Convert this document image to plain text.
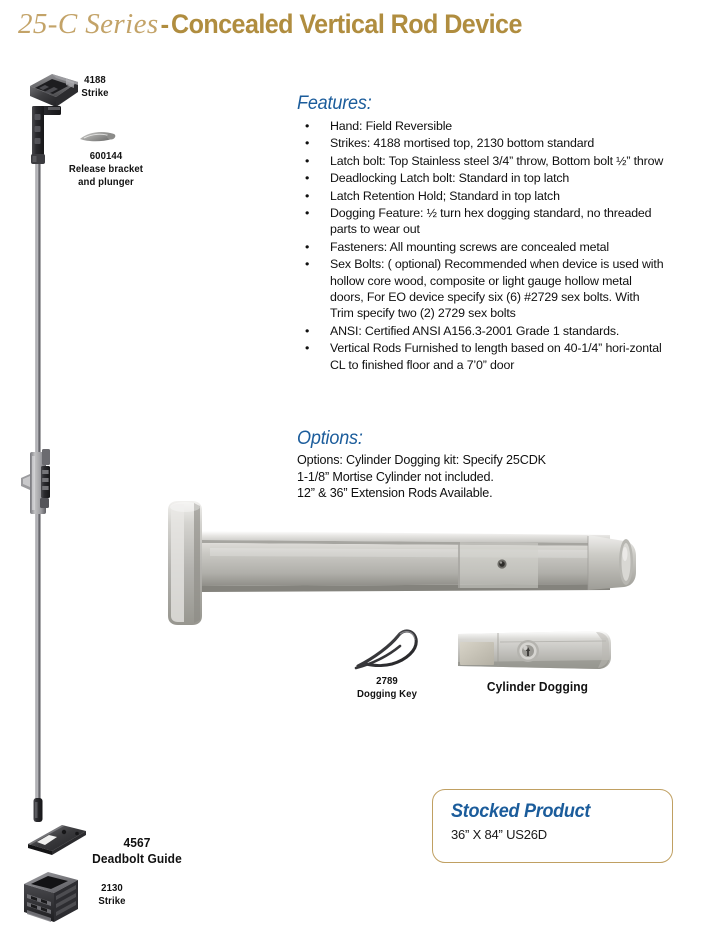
25-C Series-Concealed Vertical Rod Device
4188
Strike
600144
Release bracket
and plunger
4567
Deadbolt Guide
2130
Strike
Features:
• Hand: Field Reversible
• Strikes: 4188 mortised top, 2130 bottom standard
• Latch bolt: Top Stainless steel 3/4” throw, Bottom bolt ½” throw
• Deadlocking Latch bolt: Standard in top latch
• Latch Retention Hold; Standard in top latch
• Dogging Feature: ½ turn hex dogging standard, no threaded parts to wear out
• Fasteners: All mounting screws are concealed metal
• Sex Bolts: ( optional) Recommended when device is used with hollow core wood, composite or light gauge hollow metal doors, For EO device specify six (6) #2729 sex bolts. With Trim specify two (2) 2729 sex bolts
• ANSI: Certified ANSI A156.3-2001 Grade 1 standards.
• Vertical Rods Furnished to length based on 40-1/4” hori-zontal CL to finished floor and a 7’0” door
Options:
Options: Cylinder Dogging kit: Specify 25CDK
1-1/8” Mortise Cylinder not included.
12” & 36” Extension Rods Available.
2789
Dogging Key
Cylinder Dogging
Stocked Product
36” X 84” US26D
